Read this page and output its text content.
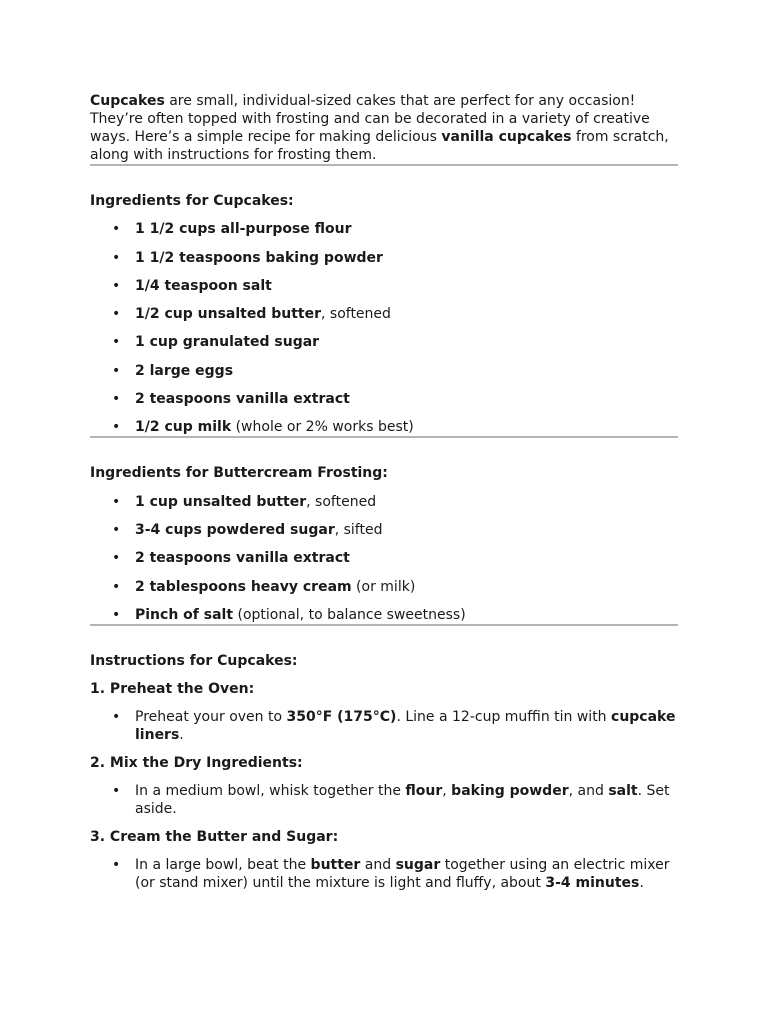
Cupcakes are small, individual-sized cakes that are perfect for any occasion! They’re often topped with frosting and can be decorated in a variety of creative ways. Here’s a simple recipe for making delicious vanilla cupcakes from scratch, along with instructions for frosting them.

Ingredients for Cupcakes:

• 1 1/2 cups all-purpose flour
• 1 1/2 teaspoons baking powder
• 1/4 teaspoon salt
• 1/2 cup unsalted butter, softened
• 1 cup granulated sugar
• 2 large eggs
• 2 teaspoons vanilla extract
• 1/2 cup milk (whole or 2% works best)

Ingredients for Buttercream Frosting:

• 1 cup unsalted butter, softened
• 3-4 cups powdered sugar, sifted
• 2 teaspoons vanilla extract
• 2 tablespoons heavy cream (or milk)
• Pinch of salt (optional, to balance sweetness)

Instructions for Cupcakes:

1. Preheat the Oven:

• Preheat your oven to 350°F (175°C). Line a 12-cup muffin tin with cupcake liners.

2. Mix the Dry Ingredients:

• In a medium bowl, whisk together the flour, baking powder, and salt. Set aside.

3. Cream the Butter and Sugar:

• In a large bowl, beat the butter and sugar together using an electric mixer (or stand mixer) until the mixture is light and fluffy, about 3-4 minutes.
